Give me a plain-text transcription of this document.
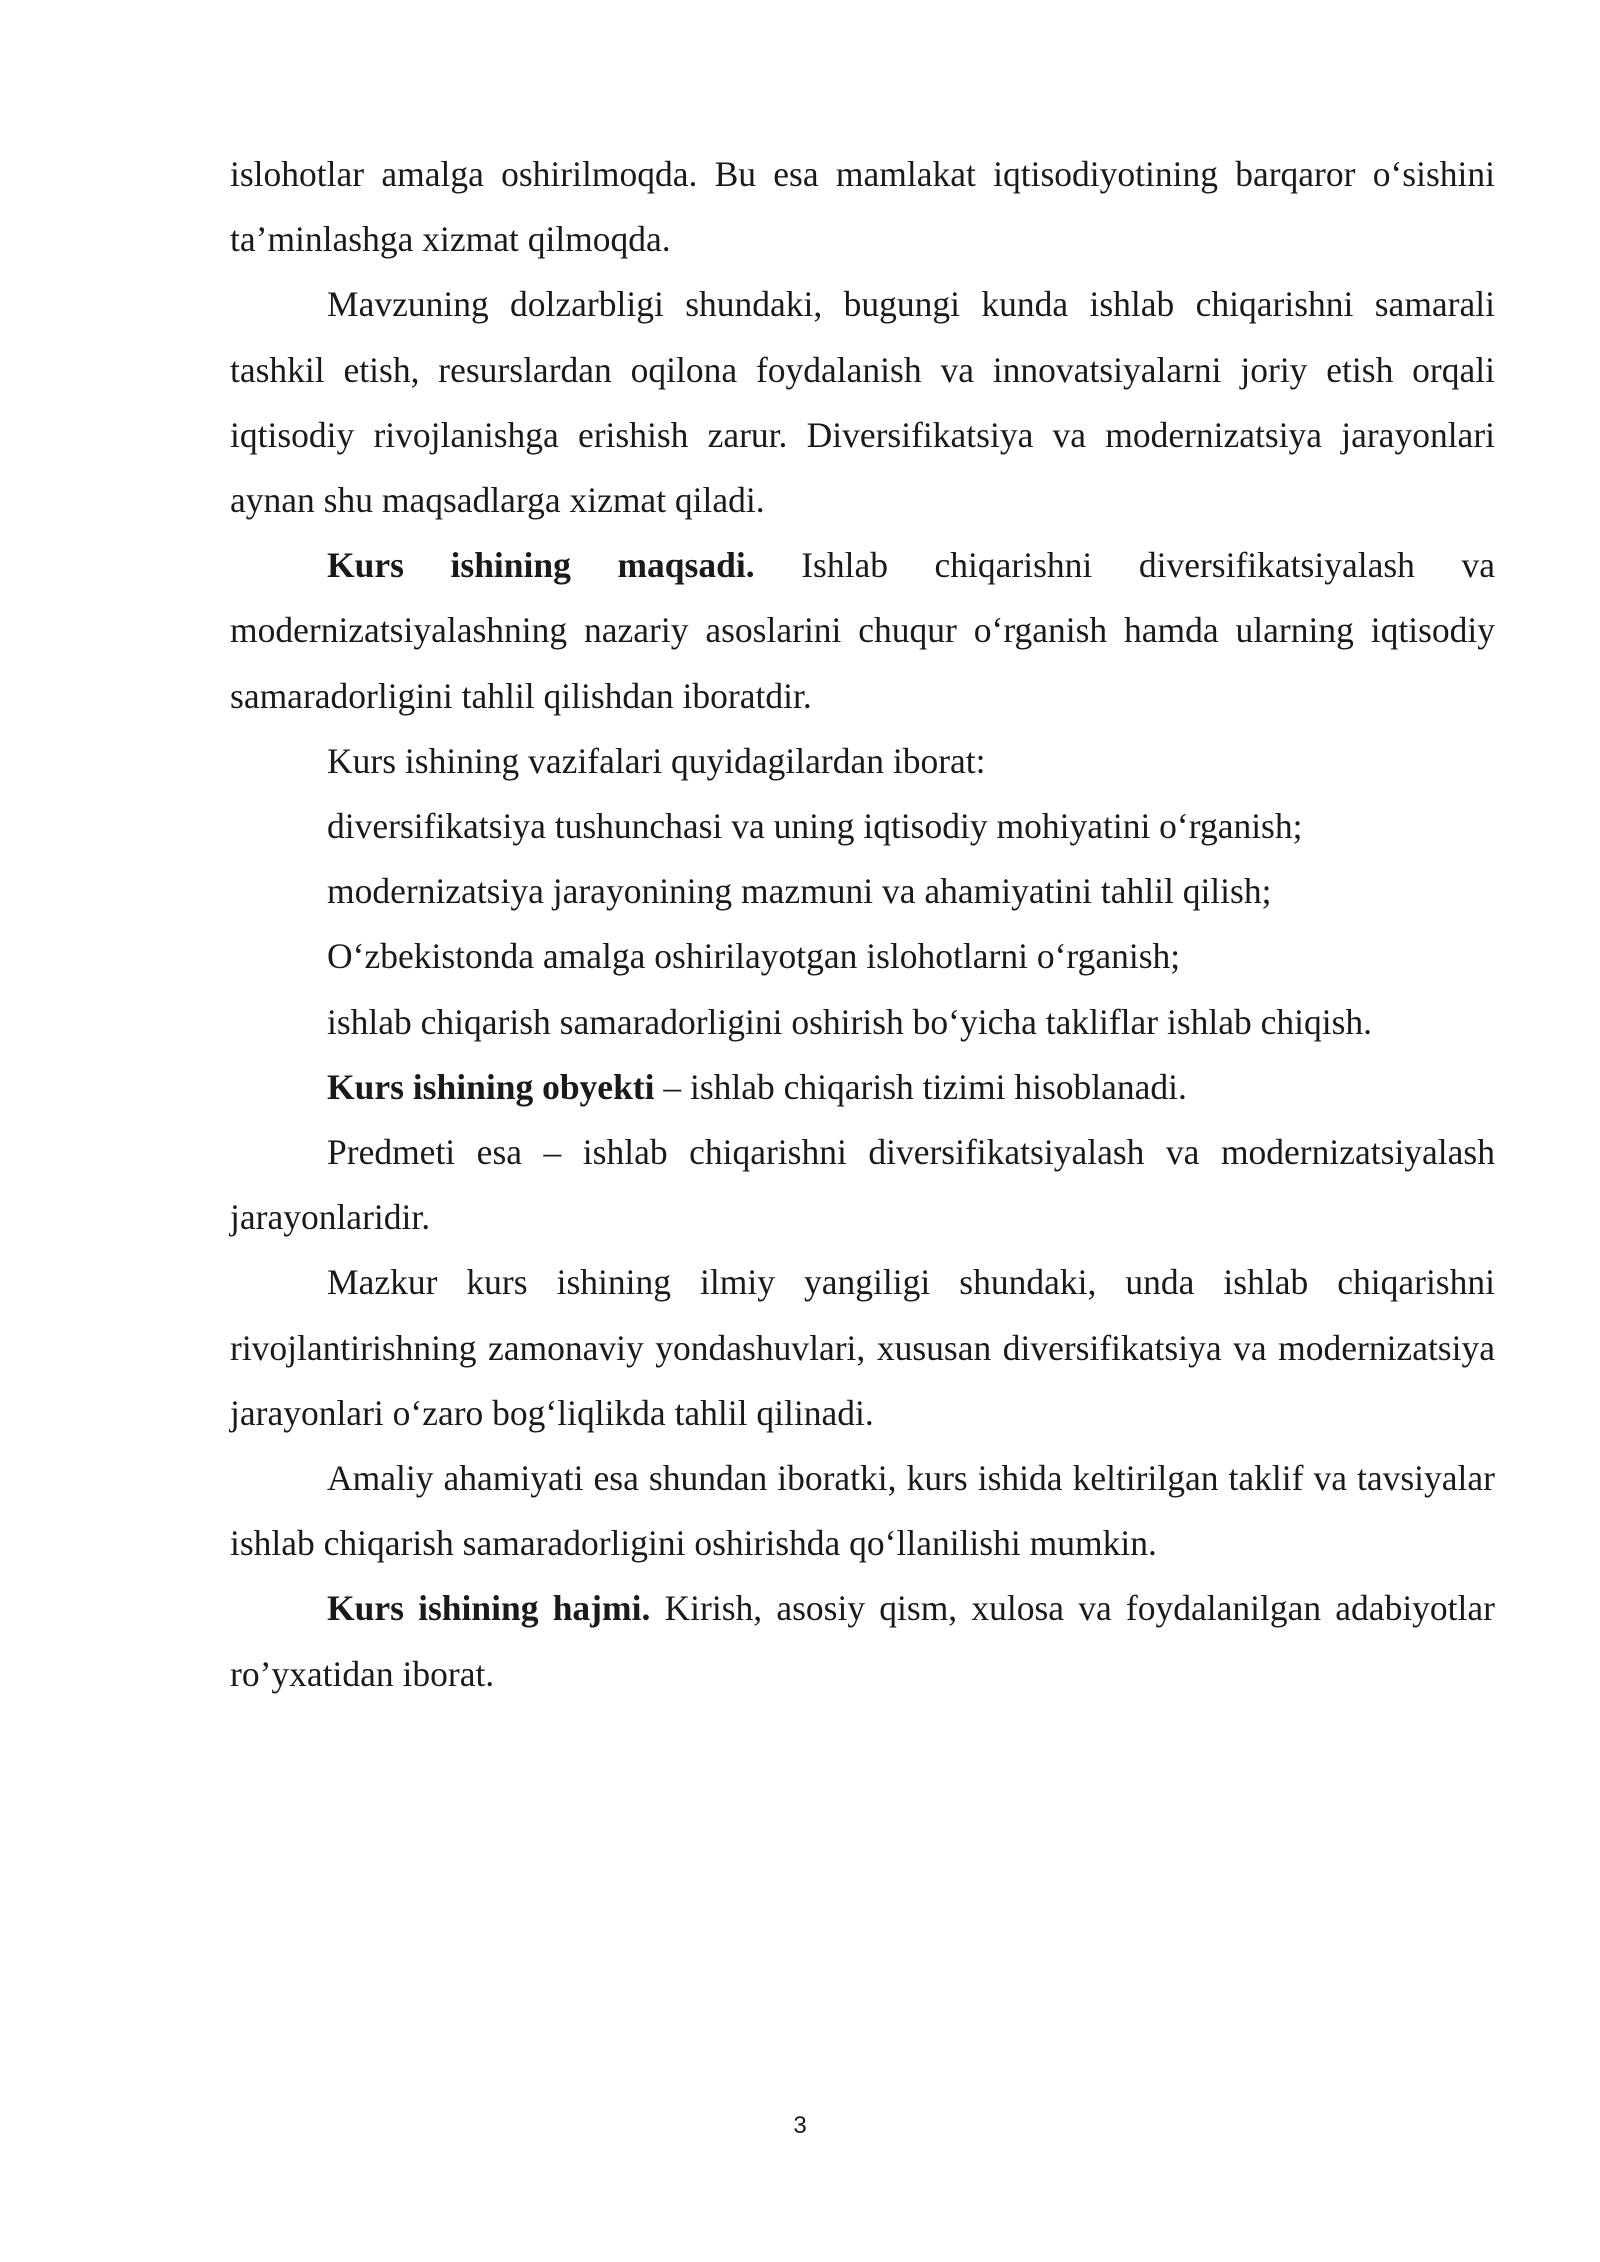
islohotlar amalga oshirilmoqda. Bu esa mamlakat iqtisodiyotining barqaror o‘sishini ta’minlashga xizmat qilmoqda.

Mavzuning dolzarbligi shundaki, bugungi kunda ishlab chiqarishni samarali tashkil etish, resurslardan oqilona foydalanish va innovatsiyalarni joriy etish orqali iqtisodiy rivojlanishga erishish zarur. Diversifikatsiya va modernizatsiya jarayonlari aynan shu maqsadlarga xizmat qiladi.

Kurs ishining maqsadi. Ishlab chiqarishni diversifikatsiyalash va modernizatsiyalashning nazariy asoslarini chuqur o‘rganish hamda ularning iqtisodiy samaradorligini tahlil qilishdan iboratdir.

Kurs ishining vazifalari quyidagilardan iborat:

diversifikatsiya tushunchasi va uning iqtisodiy mohiyatini o‘rganish;

modernizatsiya jarayonining mazmuni va ahamiyatini tahlil qilish;

O‘zbekistonda amalga oshirilayotgan islohotlarni o‘rganish;

ishlab chiqarish samaradorligini oshirish bo‘yicha takliflar ishlab chiqish.

Kurs ishining obyekti – ishlab chiqarish tizimi hisoblanadi.

Predmeti esa – ishlab chiqarishni diversifikatsiyalash va modernizatsiyalash jarayonlaridir.

Mazkur kurs ishining ilmiy yangiligi shundaki, unda ishlab chiqarishni rivojlantirishning zamonaviy yondashuvlari, xususan diversifikatsiya va modernizatsiya jarayonlari o‘zaro bog‘liqlikda tahlil qilinadi.

Amaliy ahamiyati esa shundan iboratki, kurs ishida keltirilgan taklif va tavsiyalar ishlab chiqarish samaradorligini oshirishda qo‘llanilishi mumkin.

Kurs ishining hajmi. Kirish, asosiy qism, xulosa va foydalanilgan adabiyotlar ro’yxatidan iborat.

3
